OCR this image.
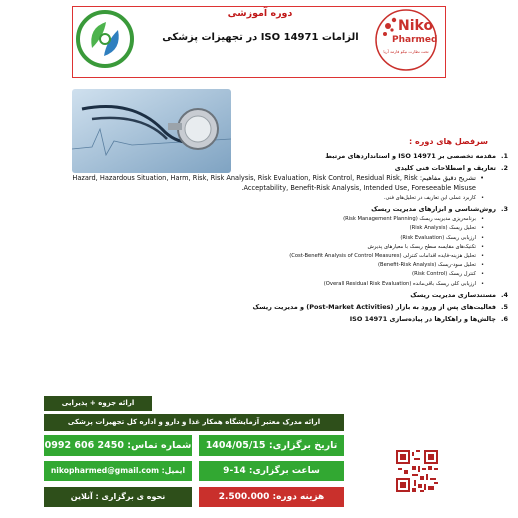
دوره آموزشی
الزامات ISO 14971 در تجهیزات پزشکی
Niko
Pharmed
تحت نظارت نیکو فارمد آریا
سرفصل های دوره :
1.
مقدمه تخصصی بر ISO 14971 و استانداردهای مرتبط
2.
تعاریف و اصطلاحات فنی کلیدی
•
تشریح دقیق مفاهیم: Hazard, Hazardous Situation, Harm, Risk, Risk Analysis, Risk Evaluation, Risk Control, Residual Risk, Risk Acceptability, Benefit-Risk Analysis, Intended Use, Foreseeable Misuse.
•
کاربرد عملی این تعاریف در تحلیل‌های فنی.
3.
روش‌شناسی و ابزارهای مدیریت ریسک
•
برنامه‌ریزی مدیریت ریسک (Risk Management Planning)
•
تحلیل ریسک (Risk Analysis)
•
ارزیابی ریسک (Risk Evaluation)
•
تکنیک‌های مقایسه سطح ریسک با معیارهای پذیرش
•
تحلیل هزینه-فایده اقدامات کنترلی (Cost-Benefit Analysis of Control Measures)
•
تحلیل سود-ریسک (Benefit-Risk Analysis)
•
کنترل ریسک (Risk Control)
•
ارزیابی کلی ریسک باقی‌مانده (Overall Residual Risk Evaluation)
4.
مستندسازی مدیریت ریسک
5.
فعالیت‌های پس از ورود به بازار (Post-Market Activities) و مدیریت ریسک
6.
چالش‌ها و راهکارها در پیاده‌سازی ISO 14971
ارائه جزوه + پذیرایی
ارائه مدرک معتبر آزمایشگاه همکار غذا و دارو و اداره کل تجهیزات پزشکی
شماره تماس: 2450 606 0992	تاریخ برگزاری: 1404/05/15
ایمیل: nikopharmed@gmail.com	ساعت برگزاری: 14-9
نحوه ی برگزاری : آنلاین	هزینه دوره: 2.500.000
